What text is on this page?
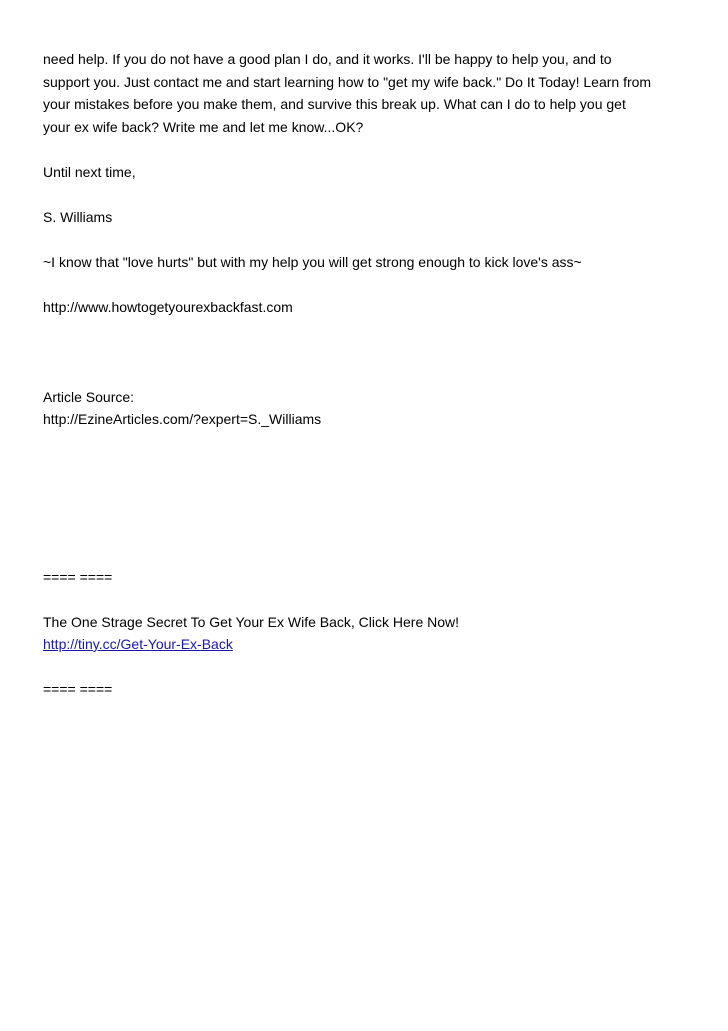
need help. If you do not have a good plan I do, and it works. I'll be happy to help you, and to
support you. Just contact me and start learning how to "get my wife back." Do It Today! Learn from
your mistakes before you make them, and survive this break up. What can I do to help you get
your ex wife back? Write me and let me know...OK?
Until next time,
S. Williams
~I know that "love hurts" but with my help you will get strong enough to kick love's ass~
http://www.howtogetyourexbackfast.com
Article Source:
http://EzineArticles.com/?expert=S._Williams
==== ====
The One Strage Secret To Get Your Ex Wife Back, Click Here Now!
http://tiny.cc/Get-Your-Ex-Back
==== ====
